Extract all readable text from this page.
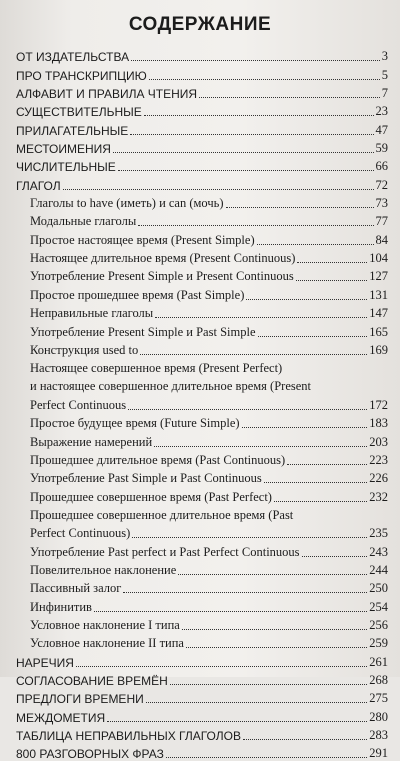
СОДЕРЖАНИЕ
ОТ ИЗДАТЕЛЬСТВА	3
ПРО ТРАНСКРИПЦИЮ	5
АЛФАВИТ И ПРАВИЛА ЧТЕНИЯ	7
СУЩЕСТВИТЕЛЬНЫЕ	23
ПРИЛАГАТЕЛЬНЫЕ	47
МЕСТОИМЕНИЯ	59
ЧИСЛИТЕЛЬНЫЕ	66
ГЛАГОЛ	72
Глаголы to have (иметь) и can (мочь)	73
Модальные глаголы	77
Простое настоящее время (Present Simple)	84
Настоящее длительное время (Present Continuous)	104
Употребление Present Simple и Present Continuous	127
Простое прошедшее время (Past Simple)	131
Неправильные глаголы	147
Употребление Present Simple и Past Simple	165
Конструкция used to	169
Настоящее совершенное время (Present Perfect)
и настоящее совершенное длительное время (Present
Perfect Continuous	172
Простое будущее время (Future Simple)	183
Выражение намерений	203
Прошедшее длительное время (Past Continuous)	223
Употребление Past Simple и Past Continuous	226
Прошедшее совершенное время (Past Perfect)	232
Прошедшее совершенное длительное время (Past
Perfect Continuous)	235
Употребление Past perfect и Past Perfect Continuous	243
Повелительное наклонение	244
Пассивный залог	250
Инфинитив	254
Условное наклонение I типа	256
Условное наклонение II типа	259
НАРЕЧИЯ	261
СОГЛАСОВАНИЕ ВРЕМЁН	268
ПРЕДЛОГИ ВРЕМЕНИ	275
МЕЖДОМЕТИЯ	280
ТАБЛИЦА НЕПРАВИЛЬНЫХ ГЛАГОЛОВ	283
800 РАЗГОВОРНЫХ ФРАЗ	291
